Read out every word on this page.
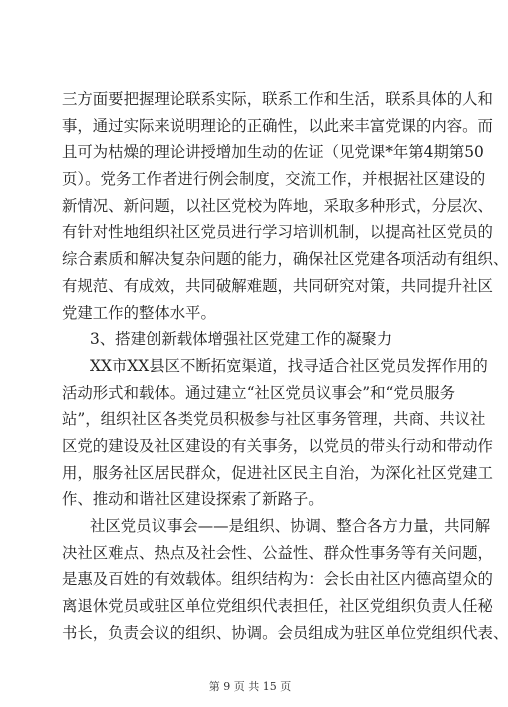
三方面要把握理论联系实际，联系工作和生活，联系具体的人和
事，通过实际来说明理论的正确性，以此来丰富党课的内容。而
且可为枯燥的理论讲授增加生动的佐证（见党课*年第4期第50
页）。党务工作者进行例会制度，交流工作，并根据社区建设的
新情况、新问题，以社区党校为阵地，采取多种形式，分层次、
有针对性地组织社区党员进行学习培训机制，以提高社区党员的
综合素质和解决复杂问题的能力，确保社区党建各项活动有组织、
有规范、有成效，共同破解难题，共同研究对策，共同提升社区
党建工作的整体水平。
3、搭建创新载体增强社区党建工作的凝聚力
XX市XX县区不断拓宽渠道，找寻适合社区党员发挥作用的
活动形式和载体。通过建立“社区党员议事会”和“党员服务
站”，组织社区各类党员积极参与社区事务管理，共商、共议社
区党的建设及社区建设的有关事务，以党员的带头行动和带动作
用，服务社区居民群众，促进社区民主自治，为深化社区党建工
作、推动和谐社区建设探索了新路子。
社区党员议事会——是组织、协调、整合各方力量，共同解
决社区难点、热点及社会性、公益性、群众性事务等有关问题，
是惠及百姓的有效载体。组织结构为：会长由社区内德高望众的
离退休党员或驻区单位党组织代表担任，社区党组织负责人任秘
书长，负责会议的组织、协调。会员组成为驻区单位党组织代表、
第 9 页 共 15 页
